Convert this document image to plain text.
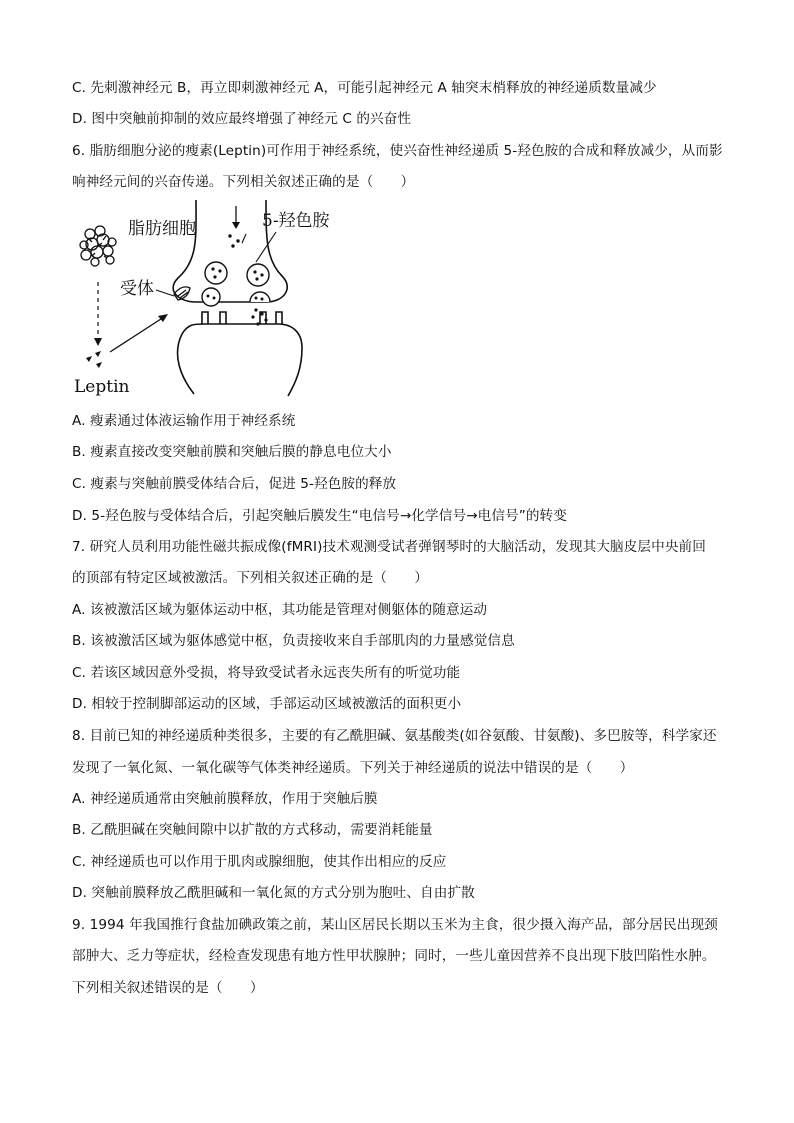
C. 先刺激神经元 B，再立即刺激神经元 A，可能引起神经元 A 轴突末梢释放的神经递质数量减少
D. 图中突触前抑制的效应最终增强了神经元 C 的兴奋性
6. 脂肪细胞分泌的瘦素(Leptin)可作用于神经系统，使兴奋性神经递质 5-羟色胺的合成和释放减少，从而影
响神经元间的兴奋传递。下列相关叙述正确的是（　　）
脂肪细胞
Leptin
受体
5-羟色胺
A. 瘦素通过体液运输作用于神经系统
B. 瘦素直接改变突触前膜和突触后膜的静息电位大小
C. 瘦素与突触前膜受体结合后，促进 5-羟色胺的释放
D. 5-羟色胺与受体结合后，引起突触后膜发生“电信号→化学信号→电信号”的转变
7. 研究人员利用功能性磁共振成像(fMRI)技术观测受试者弹钢琴时的大脑活动，发现其大脑皮层中央前回
的顶部有特定区域被激活。下列相关叙述正确的是（　　）
A. 该被激活区域为躯体运动中枢，其功能是管理对侧躯体的随意运动
B. 该被激活区域为躯体感觉中枢，负责接收来自手部肌肉的力量感觉信息
C. 若该区域因意外受损，将导致受试者永远丧失所有的听觉功能
D. 相较于控制脚部运动的区域，手部运动区域被激活的面积更小
8. 目前已知的神经递质种类很多，主要的有乙酰胆碱、氨基酸类(如谷氨酸、甘氨酸)、多巴胺等，科学家还
发现了一氧化氮、一氧化碳等气体类神经递质。下列关于神经递质的说法中错误的是（　　）
A. 神经递质通常由突触前膜释放，作用于突触后膜
B. 乙酰胆碱在突触间隙中以扩散的方式移动，需要消耗能量
C. 神经递质也可以作用于肌肉或腺细胞，使其作出相应的反应
D. 突触前膜释放乙酰胆碱和一氧化氮的方式分别为胞吐、自由扩散
9. 1994 年我国推行食盐加碘政策之前，某山区居民长期以玉米为主食，很少摄入海产品，部分居民出现颈
部肿大、乏力等症状，经检查发现患有地方性甲状腺肿；同时，一些儿童因营养不良出现下肢凹陷性水肿。
下列相关叙述错误的是（　　）
